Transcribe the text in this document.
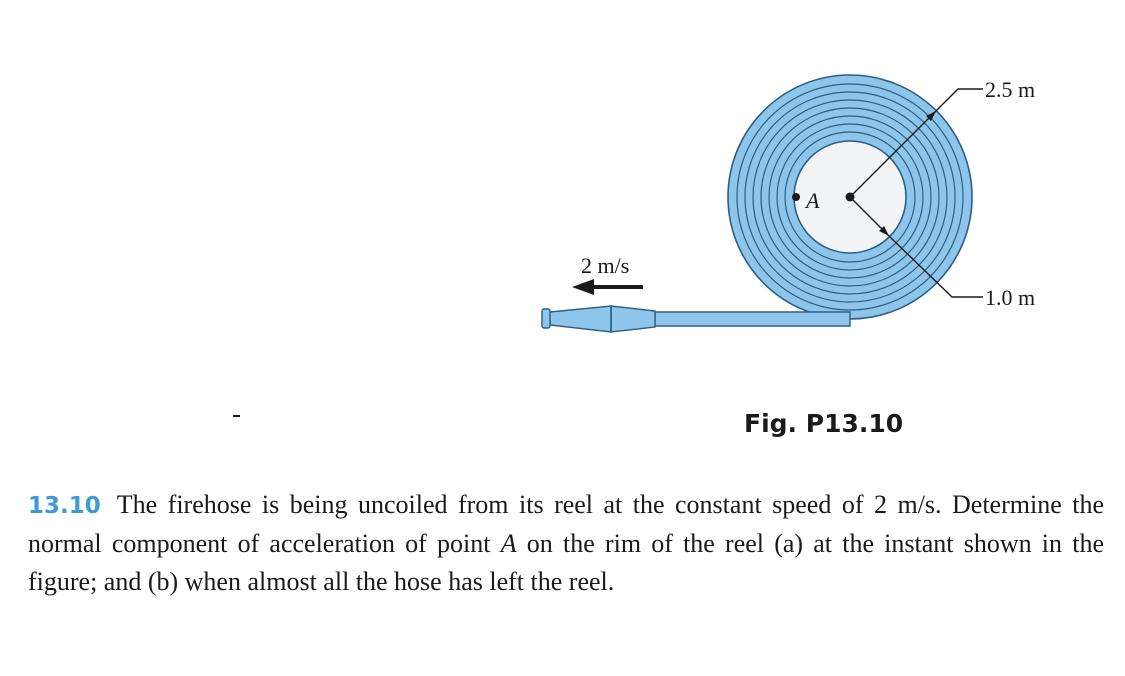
2 m/s
A
2.5 m
1.0 m
Fig. P13.10
13.10 The firehose is being uncoiled from its reel at the constant speed of 2 m/s. Determine the normal component of acceleration of point A on the rim of the reel (a) at the instant shown in the figure; and (b) when almost all the hose has left the reel.
